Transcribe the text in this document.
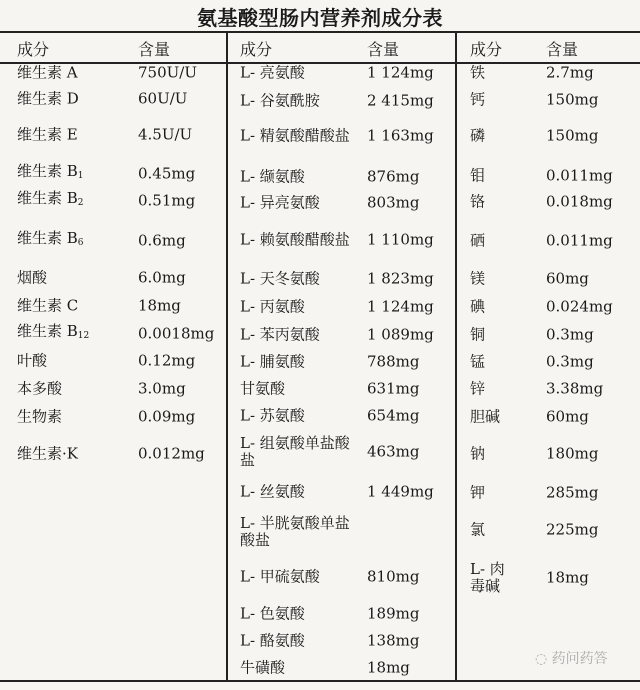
氨基酸型肠内营养剂成分表
成分	含量	成分	含量	成分	含量
维生素 A	750U/U
维生素 D	60U/U
维生素 E	4.5U/U
维生素 $B_1$	0.45mg
维生素 $B_2$	0.51mg
维生素 $B_6$	0.6mg
烟酸	6.0mg
维生素 C	18mg
维生素 $B_{12}$	0.0018mg
叶酸	0.12mg
本多酸	3.0mg
生物素	0.09mg
维生素·K	0.012mg
L- 亮氨酸	1 124mg
L- 谷氨酰胺	2 415mg
L- 精氨酸醋酸盐 1 163mg
L- 缬氨酸	876mg
L- 异亮氨酸	803mg
L- 赖氨酸醋酸盐 1 110mg
L- 天冬氨酸	1 823mg
L- 丙氨酸	1 124mg
L- 苯丙氨酸	1 089mg
L- 脯氨酸	788mg
甘氨酸	631mg
L- 苏氨酸	654mg
L- 组氨酸单盐酸盐	463mg
L- 丝氨酸	1 449mg
L- 半胱氨酸单盐酸盐
L- 甲硫氨酸	810mg
L- 色氨酸	189mg
L- 酪氨酸	138mg
牛磺酸	18mg
铁	2.7mg
钙	150mg
磷	150mg
钼	0.011mg
铬	0.018mg
硒	0.011mg
镁	60mg
碘	0.024mg
铜	0.3mg
锰	0.3mg
锌	3.38mg
胆碱	60mg
钠	180mg
钾	285mg
氯	225mg
L- 肉毒碱	18mg
◌ 药问药答
